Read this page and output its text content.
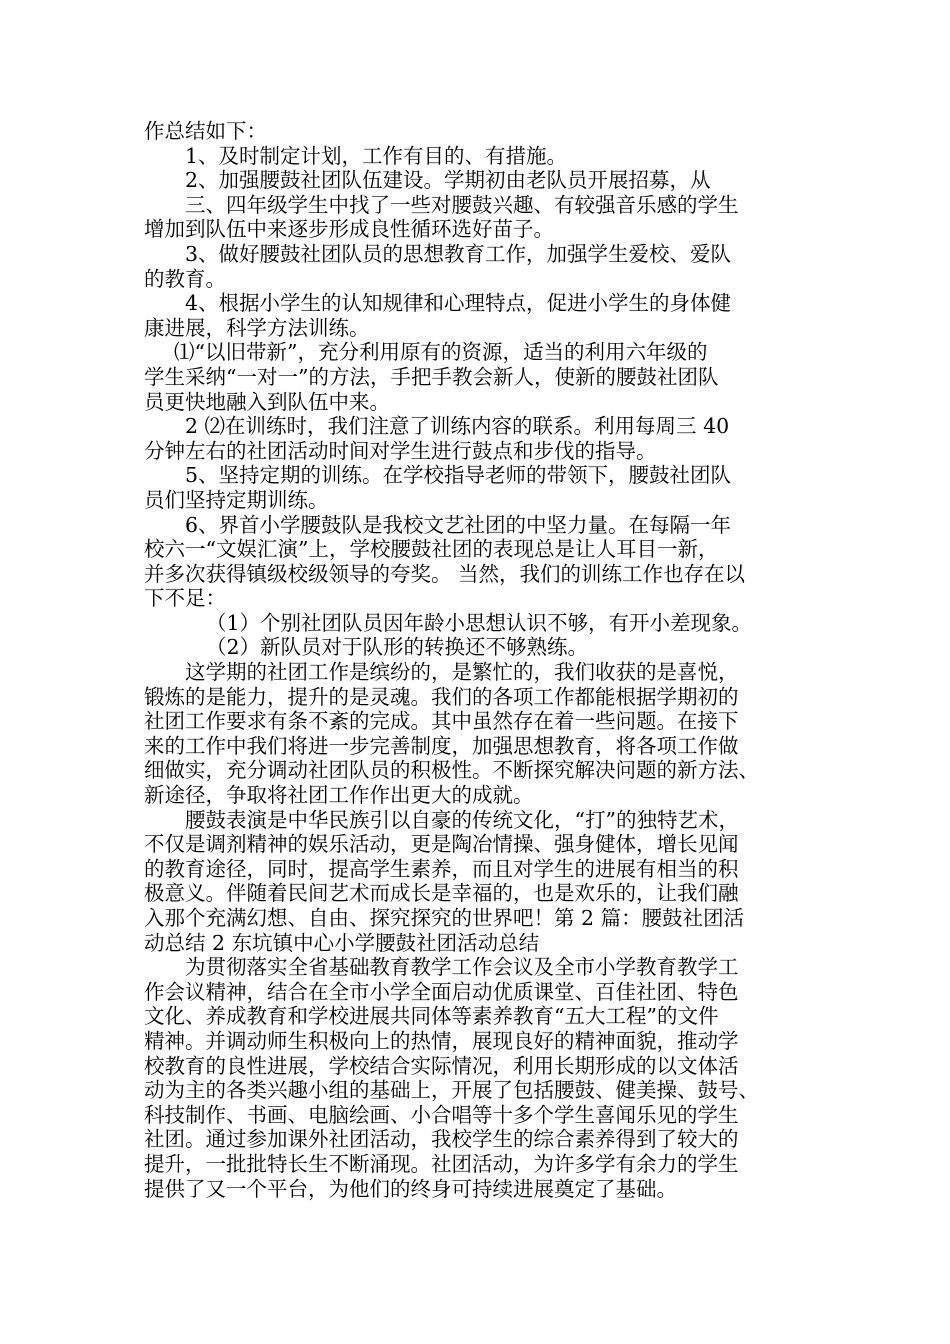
作总结如下：
1、及时制定计划，工作有目的、有措施。
2、加强腰鼓社团队伍建设。学期初由老队员开展招募，从
三、四年级学生中找了一些对腰鼓兴趣、有较强音乐感的学生
增加到队伍中来逐步形成良性循环选好苗子。
3、做好腰鼓社团队员的思想教育工作，加强学生爱校、爱队
的教育。
4、根据小学生的认知规律和心理特点，促进小学生的身体健
康进展，科学方法训练。
⑴“以旧带新”，充分利用原有的资源，适当的利用六年级的
学生采纳“一对一”的方法，手把手教会新人，使新的腰鼓社团队
员更快地融入到队伍中来。
2 ⑵在训练时，我们注意了训练内容的联系。利用每周三 40
分钟左右的社团活动时间对学生进行鼓点和步伐的指导。
5、坚持定期的训练。在学校指导老师的带领下，腰鼓社团队
员们坚持定期训练。
6、界首小学腰鼓队是我校文艺社团的中坚力量。在每隔一年
校六一“文娱汇演”上，学校腰鼓社团的表现总是让人耳目一新，
并多次获得镇级校级领导的夸奖。 当然，我们的训练工作也存在以
下不足：
（1）个别社团队员因年龄小思想认识不够，有开小差现象。
（2）新队员对于队形的转换还不够熟练。
这学期的社团工作是缤纷的，是繁忙的，我们收获的是喜悦，
锻炼的是能力，提升的是灵魂。我们的各项工作都能根据学期初的
社团工作要求有条不紊的完成。其中虽然存在着一些问题。在接下
来的工作中我们将进一步完善制度，加强思想教育，将各项工作做
细做实，充分调动社团队员的积极性。不断探究解决问题的新方法、
新途径，争取将社团工作作出更大的成就。
腰鼓表演是中华民族引以自豪的传统文化，“打”的独特艺术，
不仅是调剂精神的娱乐活动，更是陶冶情操、强身健体，增长见闻
的教育途径，同时，提高学生素养，而且对学生的进展有相当的积
极意义。伴随着民间艺术而成长是幸福的，也是欢乐的，让我们融
入那个充满幻想、自由、探究探究的世界吧！第 2 篇：腰鼓社团活
动总结 2 东坑镇中心小学腰鼓社团活动总结
为贯彻落实全省基础教育教学工作会议及全市小学教育教学工
作会议精神，结合在全市小学全面启动优质课堂、百佳社团、特色
文化、养成教育和学校进展共同体等素养教育“五大工程”的文件
精神。并调动师生积极向上的热情，展现良好的精神面貌，推动学
校教育的良性进展，学校结合实际情况，利用长期形成的以文体活
动为主的各类兴趣小组的基础上，开展了包括腰鼓、健美操、鼓号、
科技制作、书画、电脑绘画、小合唱等十多个学生喜闻乐见的学生
社团。通过参加课外社团活动，我校学生的综合素养得到了较大的
提升，一批批特长生不断涌现。社团活动，为许多学有余力的学生
提供了又一个平台，为他们的终身可持续进展奠定了基础。
